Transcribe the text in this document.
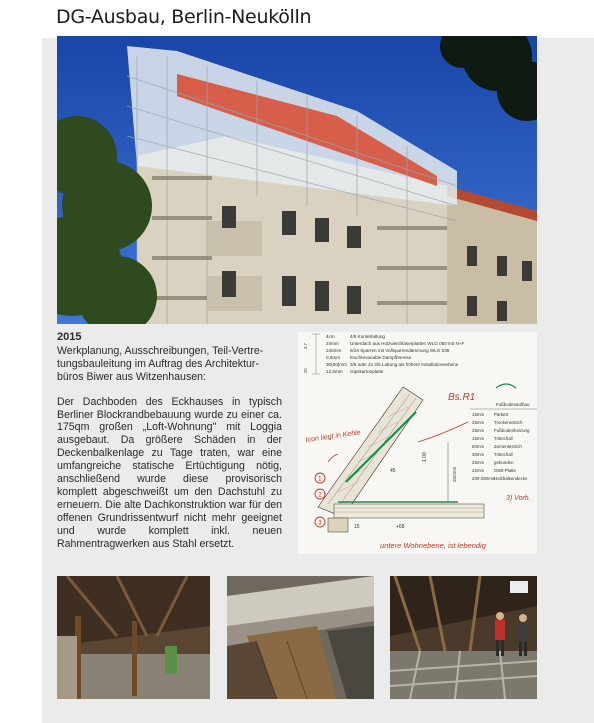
DG-Ausbau, Berlin-Neukölln
2015
Werkplanung, Ausschreibungen, Teil-Vertre-
tungsbauleitung im Auftrag des Architektur-
büros Biwer aus Witzenhausen:

Der Dachboden des Eckhauses in typisch Berliner Blockrandbebauung wurde zu einer ca. 175qm großen „Loft-Wohnung" mit Loggia ausgebaut. Da größere Schäden in der Deckenbalkenlage zu Tage traten, war eine umfangreiche statische Ertüchtigung nötig, anschließend wurde diese provisorisch komplett abgeschweißt um den Dachstuhl zu erneuern. Die alte Dachkonstruktion war für den offenen Grundrissentwurf nicht mehr geeignet und wurde komplett inkl. neuen Rahmentragwerken aus Stahl ersetzt.

4cm
24mm
240mm
0,5mm
30(60)mm
12,5mm
4/8 Konterlattung
Unterdach aus Holzweichfaserplatten WLG 050 mit N+F
6/24 Sparren mit Vollsparrendämmung WLG 035
feuchtevariable Dampfbremse
3/5 oder 2x 3/5 Lattung als höhere Installationsebene
Gipskartonplatte
3.7
20
Bs.R1
Fußbodenaufbau
15mm
25mm
25mm
15mm
60mm
30mm
25mm
22mm
200-280mm
Parkett
Trockenestrich
Fußbodenheizung
Trittschall
Zementestrich
Trittschall
gebunden
OSB-Platte
Holzbalkendecke
202mm
1.00
45
+68
15
Icon liegt in Kehle
untere Wohnebene, ist lebendig
3) Vorh.
1
2
3
